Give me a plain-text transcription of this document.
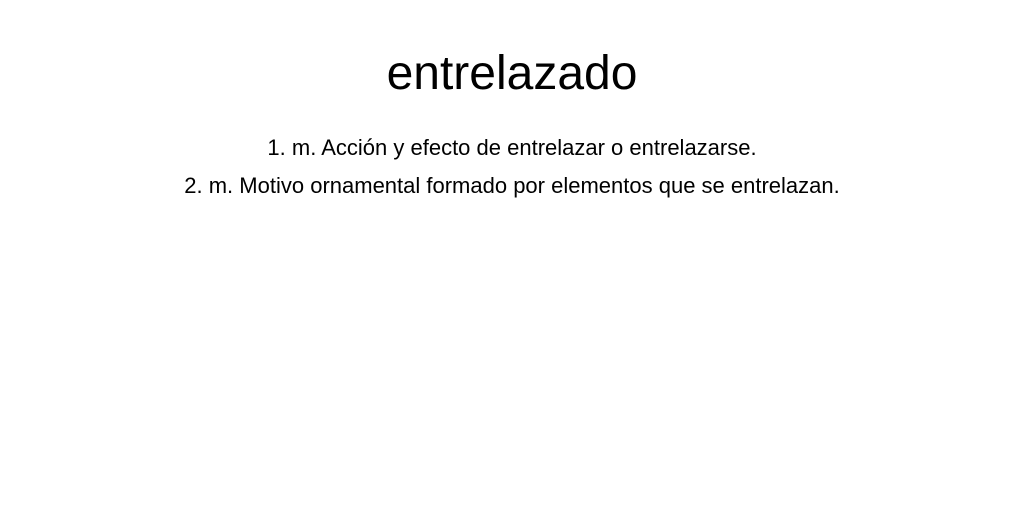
entrelazado
1. m. Acción y efecto de entrelazar o entrelazarse.
2. m. Motivo ornamental formado por elementos que se entrelazan.
